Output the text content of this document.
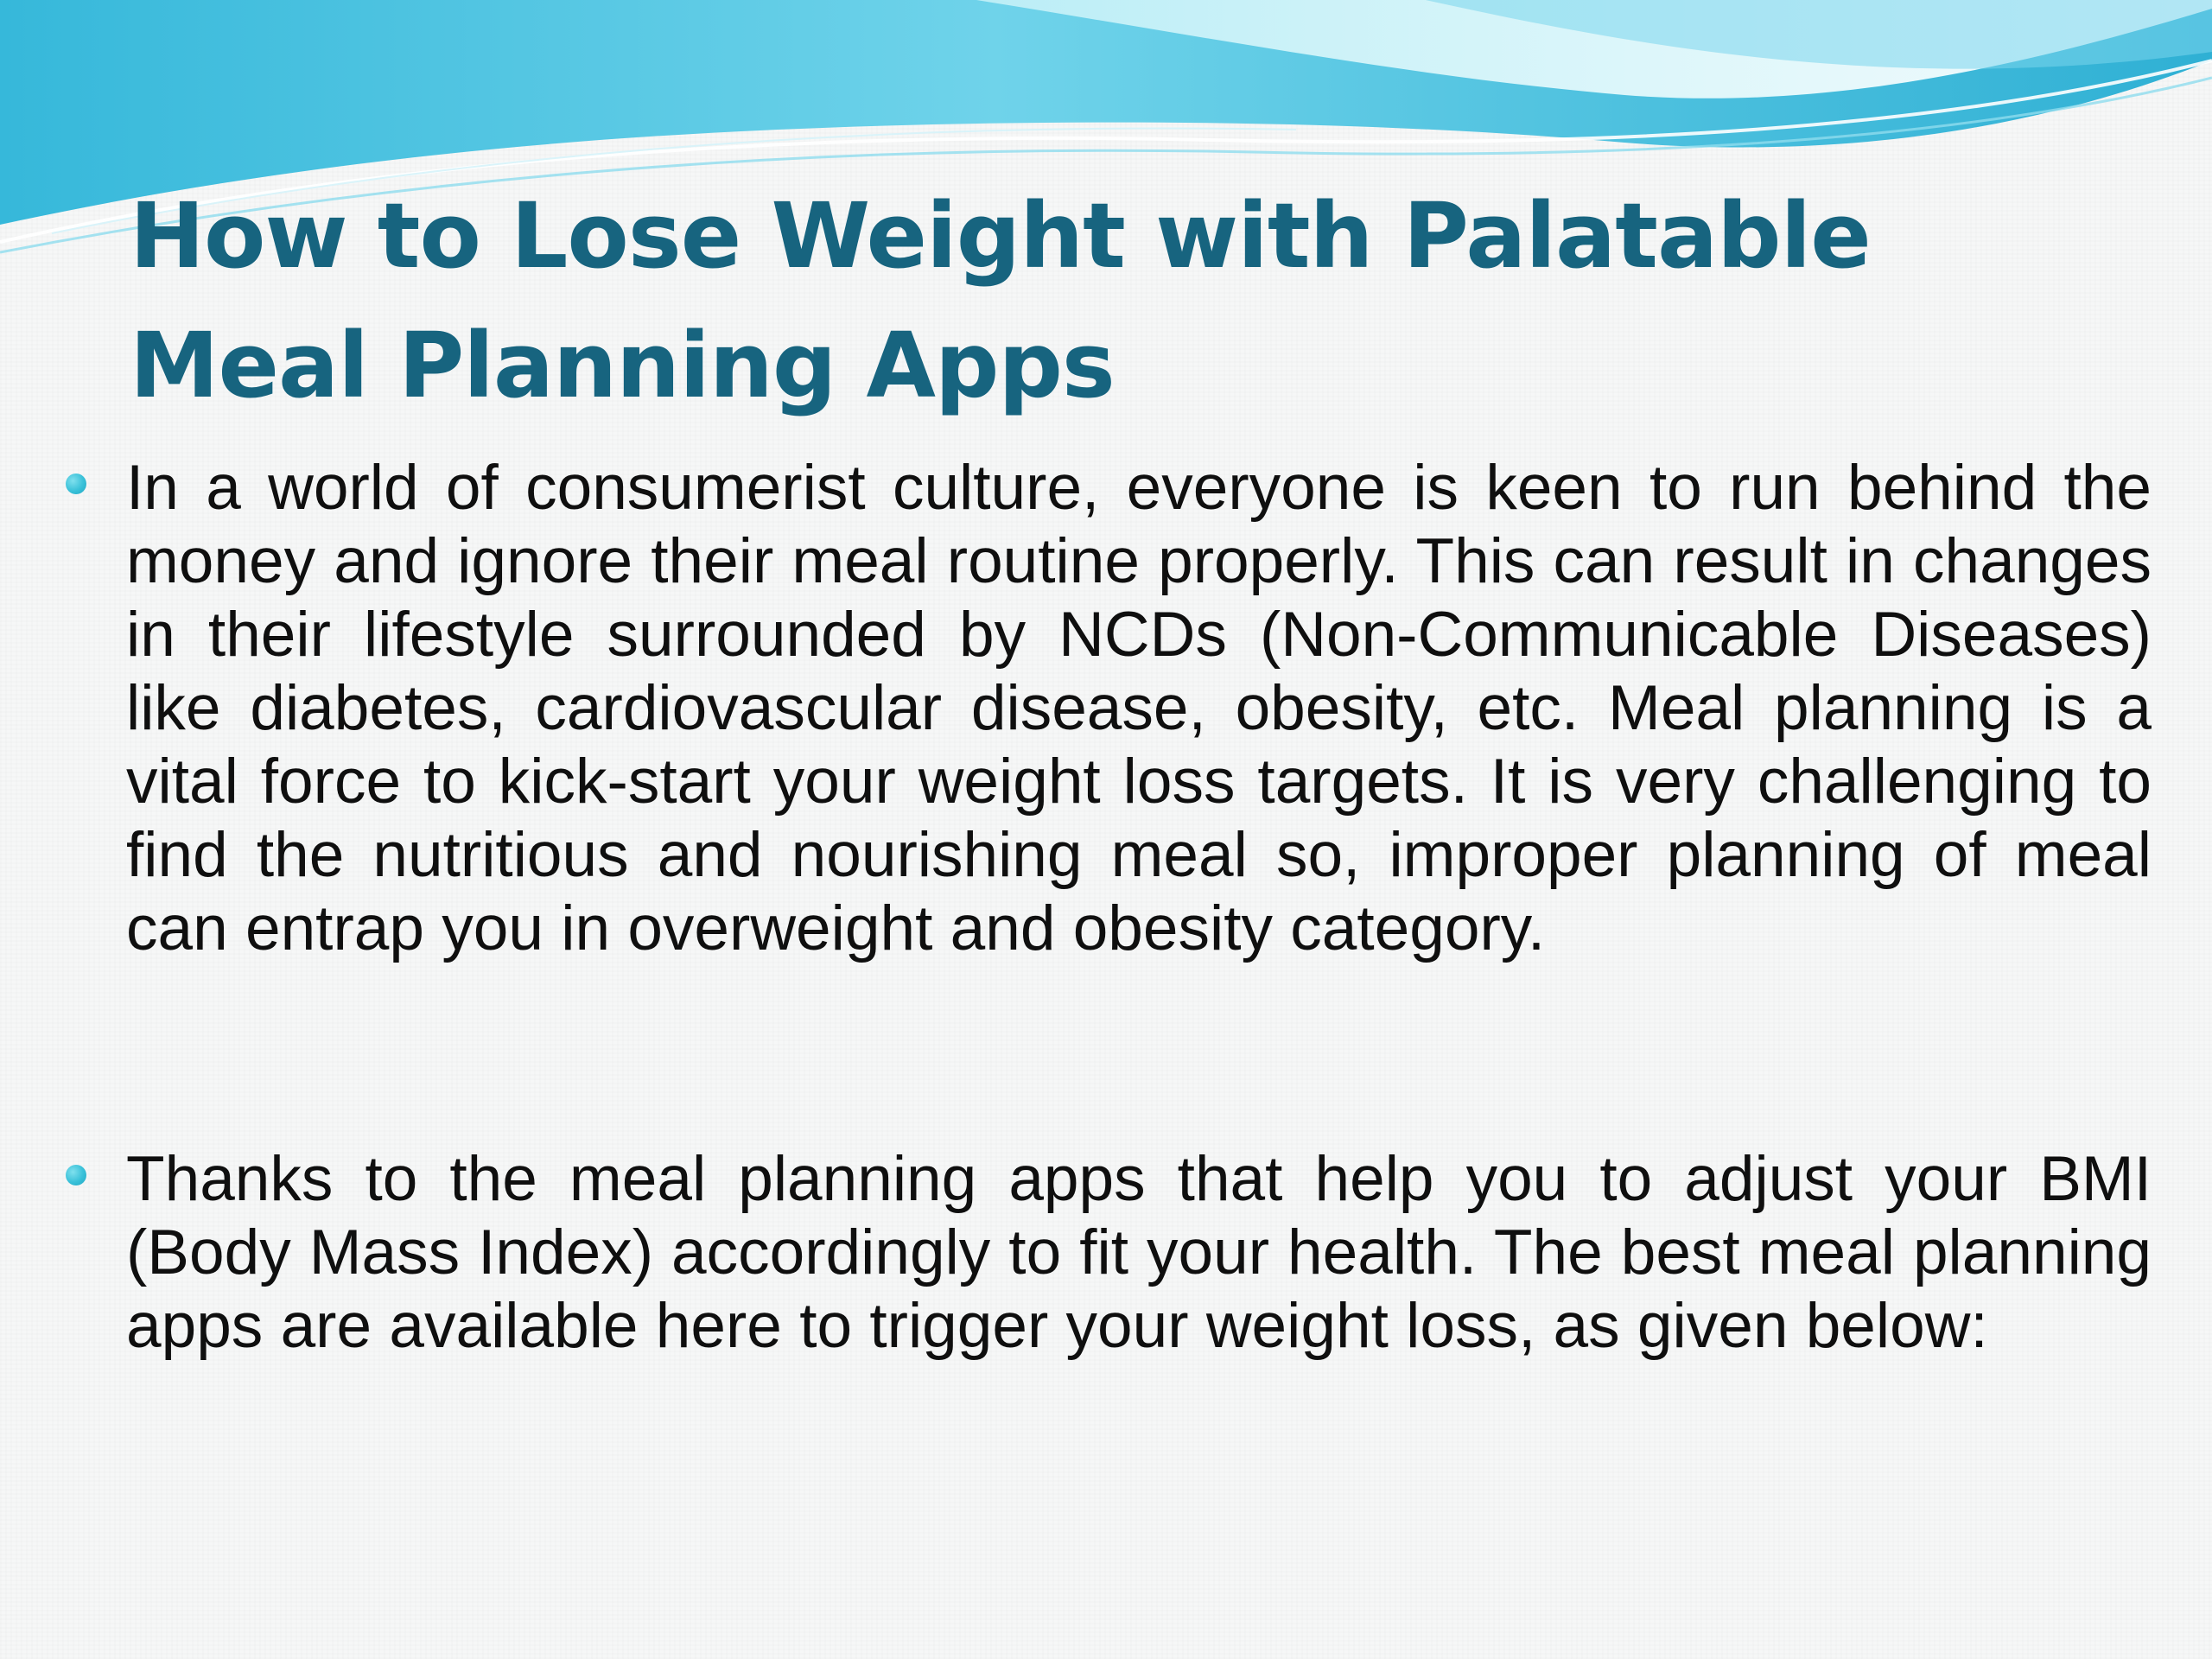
How to Lose Weight with Palatable Meal Planning Apps

In a world of consumerist culture, everyone is keen to run behind the money and ignore their meal routine properly. This can result in changes in their lifestyle surrounded by NCDs (Non-Communicable Diseases) like diabetes, cardiovascular disease, obesity, etc. Meal planning is a vital force to kick-start your weight loss targets. It is very challenging to find the nutritious and nourishing meal so, improper planning of meal can entrap you in overweight and obesity category.

Thanks to the meal planning apps that help you to adjust your BMI (Body Mass Index) accordingly to fit your health. The best meal planning apps are available here to trigger your weight loss, as given below:
